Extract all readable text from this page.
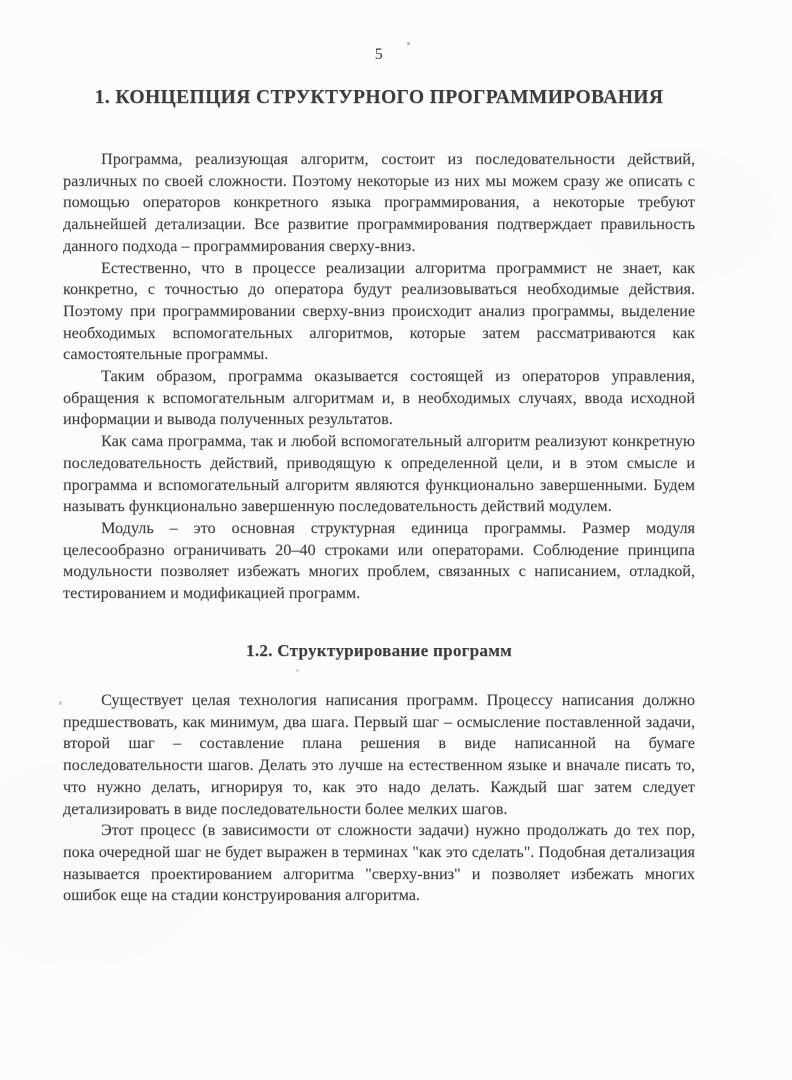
5
1. КОНЦЕПЦИЯ СТРУКТУРНОГО ПРОГРАММИРОВАНИЯ

Программа, реализующая алгоритм, состоит из последовательности действий, различных по своей сложности. Поэтому некоторые из них мы можем сразу же описать с помощью операторов конкретного языка программирования, а некоторые требуют дальнейшей детализации. Все развитие программирования подтверждает правильность данного подхода – программирования сверху-вниз.

Естественно, что в процессе реализации алгоритма программист не знает, как конкретно, с точностью до оператора будут реализовываться необходимые действия. Поэтому при программировании сверху-вниз происходит анализ программы, выделение необходимых вспомогательных алгоритмов, которые затем рассматриваются как самостоятельные программы.

Таким образом, программа оказывается состоящей из операторов управления, обращения к вспомогательным алгоритмам и, в необходимых случаях, ввода исходной информации и вывода полученных результатов.

Как сама программа, так и любой вспомогательный алгоритм реализуют конкретную последовательность действий, приводящую к определенной цели, и в этом смысле и программа и вспомогательный алгоритм являются функционально завершенными. Будем называть функционально завершенную последовательность действий модулем.

Модуль – это основная структурная единица программы. Размер модуля целесообразно ограничивать 20–40 строками или операторами. Соблюдение принципа модульности позволяет избежать многих проблем, связанных с написанием, отладкой, тестированием и модификацией программ.

1.2. Структурирование программ

Существует целая технология написания программ. Процессу написания должно предшествовать, как минимум, два шага. Первый шаг – осмысление поставленной задачи, второй шаг – составление плана решения в виде написанной на бумаге последовательности шагов. Делать это лучше на естественном языке и вначале писать то, что нужно делать, игнорируя то, как это надо делать. Каждый шаг затем следует детализировать в виде последовательности более мелких шагов.

Этот процесс (в зависимости от сложности задачи) нужно продолжать до тех пор, пока очередной шаг не будет выражен в терминах "как это сделать". Подобная детализация называется проектированием алгоритма "сверху-вниз" и позволяет избежать многих ошибок еще на стадии конструирования алгоритма.
